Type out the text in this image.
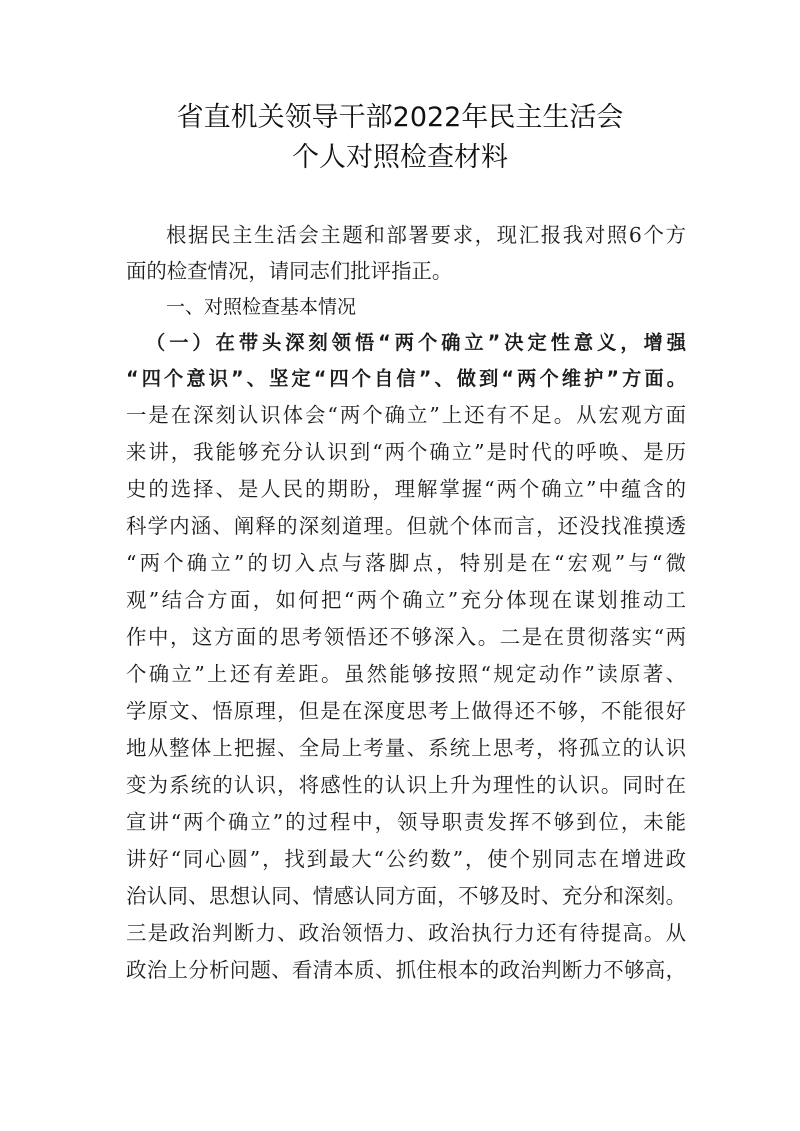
省直机关领导干部2022年民主生活会
个人对照检查材料
根据民主生活会主题和部署要求，现汇报我对照6个方
面的检查情况，请同志们批评指正。
一、对照检查基本情况
（一）在带头深刻领悟“两个确立”决定性意义，增强
“四个意识”、坚定“四个自信”、做到“两个维护”方面。
一是在深刻认识体会“两个确立”上还有不足。从宏观方面
来讲，我能够充分认识到“两个确立”是时代的呼唤、是历
史的选择、是人民的期盼，理解掌握“两个确立”中蕴含的
科学内涵、阐释的深刻道理。但就个体而言，还没找准摸透
“两个确立”的切入点与落脚点，特别是在“宏观”与“微
观”结合方面，如何把“两个确立”充分体现在谋划推动工
作中，这方面的思考领悟还不够深入。二是在贯彻落实“两
个确立”上还有差距。虽然能够按照“规定动作”读原著、
学原文、悟原理，但是在深度思考上做得还不够，不能很好
地从整体上把握、全局上考量、系统上思考，将孤立的认识
变为系统的认识，将感性的认识上升为理性的认识。同时在
宣讲“两个确立”的过程中，领导职责发挥不够到位，未能
讲好“同心圆”，找到最大“公约数”，使个别同志在增进政
治认同、思想认同、情感认同方面，不够及时、充分和深刻。
三是政治判断力、政治领悟力、政治执行力还有待提高。从
政治上分析问题、看清本质、抓住根本的政治判断力不够高，
